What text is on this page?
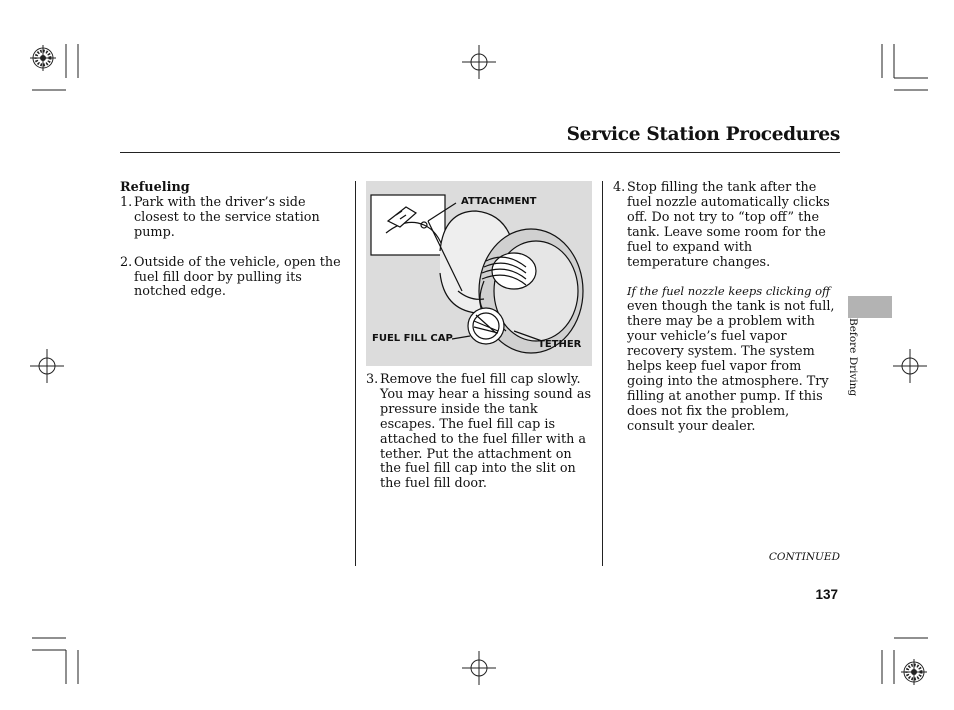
Service Station Procedures

Refueling

1. Park with the driver’s side closest to the service station pump.

2. Outside of the vehicle, open the fuel fill door by pulling its notched edge.

ATTACHMENT
FUEL FILL CAP
TETHER

3. Remove the fuel fill cap slowly. You may hear a hissing sound as pressure inside the tank escapes. The fuel fill cap is attached to the fuel filler with a tether. Put the attachment on the fuel fill cap into the slit on the fuel fill door.

4. Stop filling the tank after the fuel nozzle automatically clicks off. Do not try to “top off” the tank. Leave some room for the fuel to expand with temperature changes.

If the fuel nozzle keeps clicking off
even though the tank is not full, there may be a problem with your vehicle’s fuel vapor recovery system. The system helps keep fuel vapor from going into the atmosphere. Try filling at another pump. If this does not fix the problem, consult your dealer.

Before Driving
CONTINUED
137
